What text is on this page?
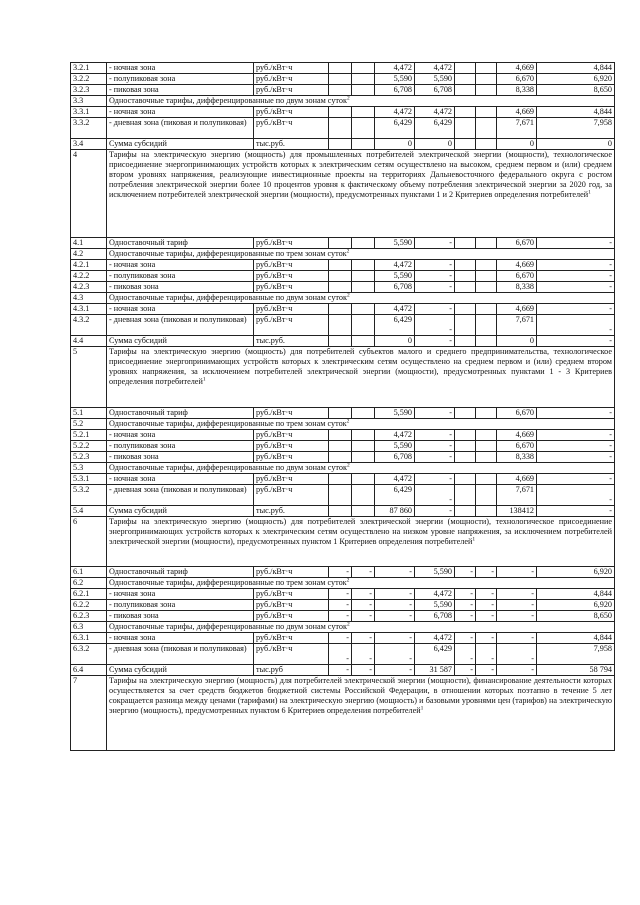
3.2.1	- ночная зона	руб./кВт·ч			4,472	4,472			4,669	4,844
3.2.2	- полупиковая зона	руб./кВт·ч			5,590	5,590			6,670	6,920
3.2.3	- пиковая зона	руб./кВт·ч			6,708	6,708			8,338	8,650
3.3	Одноставочные тарифы, дифференцированные по двум зонам суток$^2$
3.3.1	- ночная зона	руб./кВт·ч			4,472	4,472			4,669	4,844
3.3.2	- дневная зона (пиковая и полупиковая)	руб./кВт·ч			6,429	6,429			7,671	7,958
3.4	Сумма субсидий	тыс.руб.			0	0			0	0
4	Тарифы на электрическую энергию (мощность) для промышленных потребителей электрической энергии (мощности), технологическое присоединение энергопринимающих устройств которых к электрическим сетям осуществлено на высоком, среднем первом и (или) среднем втором уровнях напряжения, реализующие инвестиционные проекты на территориях Дальневосточного федерального округа с ростом потребления электрической энергии более 10 процентов уровня к фактическому объему потребления электрической энергии за 2020 год, за исключением потребителей электрической энергии (мощности), предусмотренных пунктами 1 и 2 Критериев определения потребителей$^1$
4.1	Одноставочный тариф	руб./кВт·ч			5,590	-			6,670	-
4.2	Одноставочные тарифы, дифференцированные по трем зонам суток$^2$
4.2.1	- ночная зона	руб./кВт·ч			4,472	-			4,669	-
4.2.2	- полупиковая зона	руб./кВт·ч			5,590	-			6,670	-
4.2.3	- пиковая зона	руб./кВт·ч			6,708	-			8,338	-
4.3	Одноставочные тарифы, дифференцированные по двум зонам суток$^2$
4.3.1	- ночная зона	руб./кВт·ч			4,472	-			4,669	-
4.3.2	- дневная зона (пиковая и полупиковая)	руб./кВт·ч			6,429	-			7,671	-
4.4	Сумма субсидий	тыс.руб.			0	-			0	-
5	Тарифы на электрическую энергию (мощность) для потребителей субъектов малого и среднего предпринимательства, технологическое присоединение энергопринимающих устройств которых к электрическим сетям осуществлено на среднем первом и (или) среднем втором уровнях напряжения, за исключением потребителей электрической энергии (мощности), предусмотренных пунктами 1 - 3 Критериев определения потребителей$^1$
5.1	Одноставочный тариф	руб./кВт·ч			5,590	-			6,670	-
5.2	Одноставочные тарифы, дифференцированные по трем зонам суток$^2$
5.2.1	- ночная зона	руб./кВт·ч			4,472	-			4,669	-
5.2.2	- полупиковая зона	руб./кВт·ч			5,590	-			6,670	-
5.2.3	- пиковая зона	руб./кВт·ч			6,708	-			8,338	-
5.3	Одноставочные тарифы, дифференцированные по двум зонам суток$^2$
5.3.1	- ночная зона	руб./кВт·ч			4,472	-			4,669	-
5.3.2	- дневная зона (пиковая и полупиковая)	руб./кВт·ч			6,429	-			7,671	-
5.4	Сумма субсидий	тыс.руб.			87 860	-			138412	-
6	Тарифы на электрическую энергию (мощность) для потребителей электрической энергии (мощности), технологическое присоединение энергопринимающих устройств которых к электрическим сетям осуществлено на низком уровне напряжения, за исключением потребителей электрической энергии (мощности), предусмотренных пунктом 1 Критериев определения потребителей$^1$
6.1	Одноставочный тариф	руб./кВт·ч	-	-	-	5,590	-	-	-	6,920
6.2	Одноставочные тарифы, дифференцированные по трем зонам суток$^2$
6.2.1	- ночная зона	руб./кВт·ч	-	-	-	4,472	-	-	-	4,844
6.2.2	- полупиковая зона	руб./кВт·ч	-	-	-	5,590	-	-	-	6,920
6.2.3	- пиковая зона	руб./кВт·ч	-	-	-	6,708	-	-	-	8,650
6.3	Одноставочные тарифы, дифференцированные по двум зонам суток$^2$
6.3.1	- ночная зона	руб./кВт·ч	-	-	-	4,472	-	-	-	4,844
6.3.2	- дневная зона (пиковая и полупиковая)	руб./кВт·ч	-	-	-	6,429	-	-	-	7,958
6.4	Сумма субсидий	тыс.руб	-	-	-	31 587	-	-	-	58 794
7	Тарифы на электрическую энергию (мощность) для потребителей электрической энергии (мощности), финансирование деятельности которых осуществляется за счет средств бюджетов бюджетной системы Российской Федерации, в отношении которых поэтапно в течение 5 лет сокращается разница между ценами (тарифами) на электрическую энергию (мощность) и базовыми уровнями цен (тарифов) на электрическую энергию (мощность), предусмотренных пунктом 6 Критериев определения потребителей$^1$
